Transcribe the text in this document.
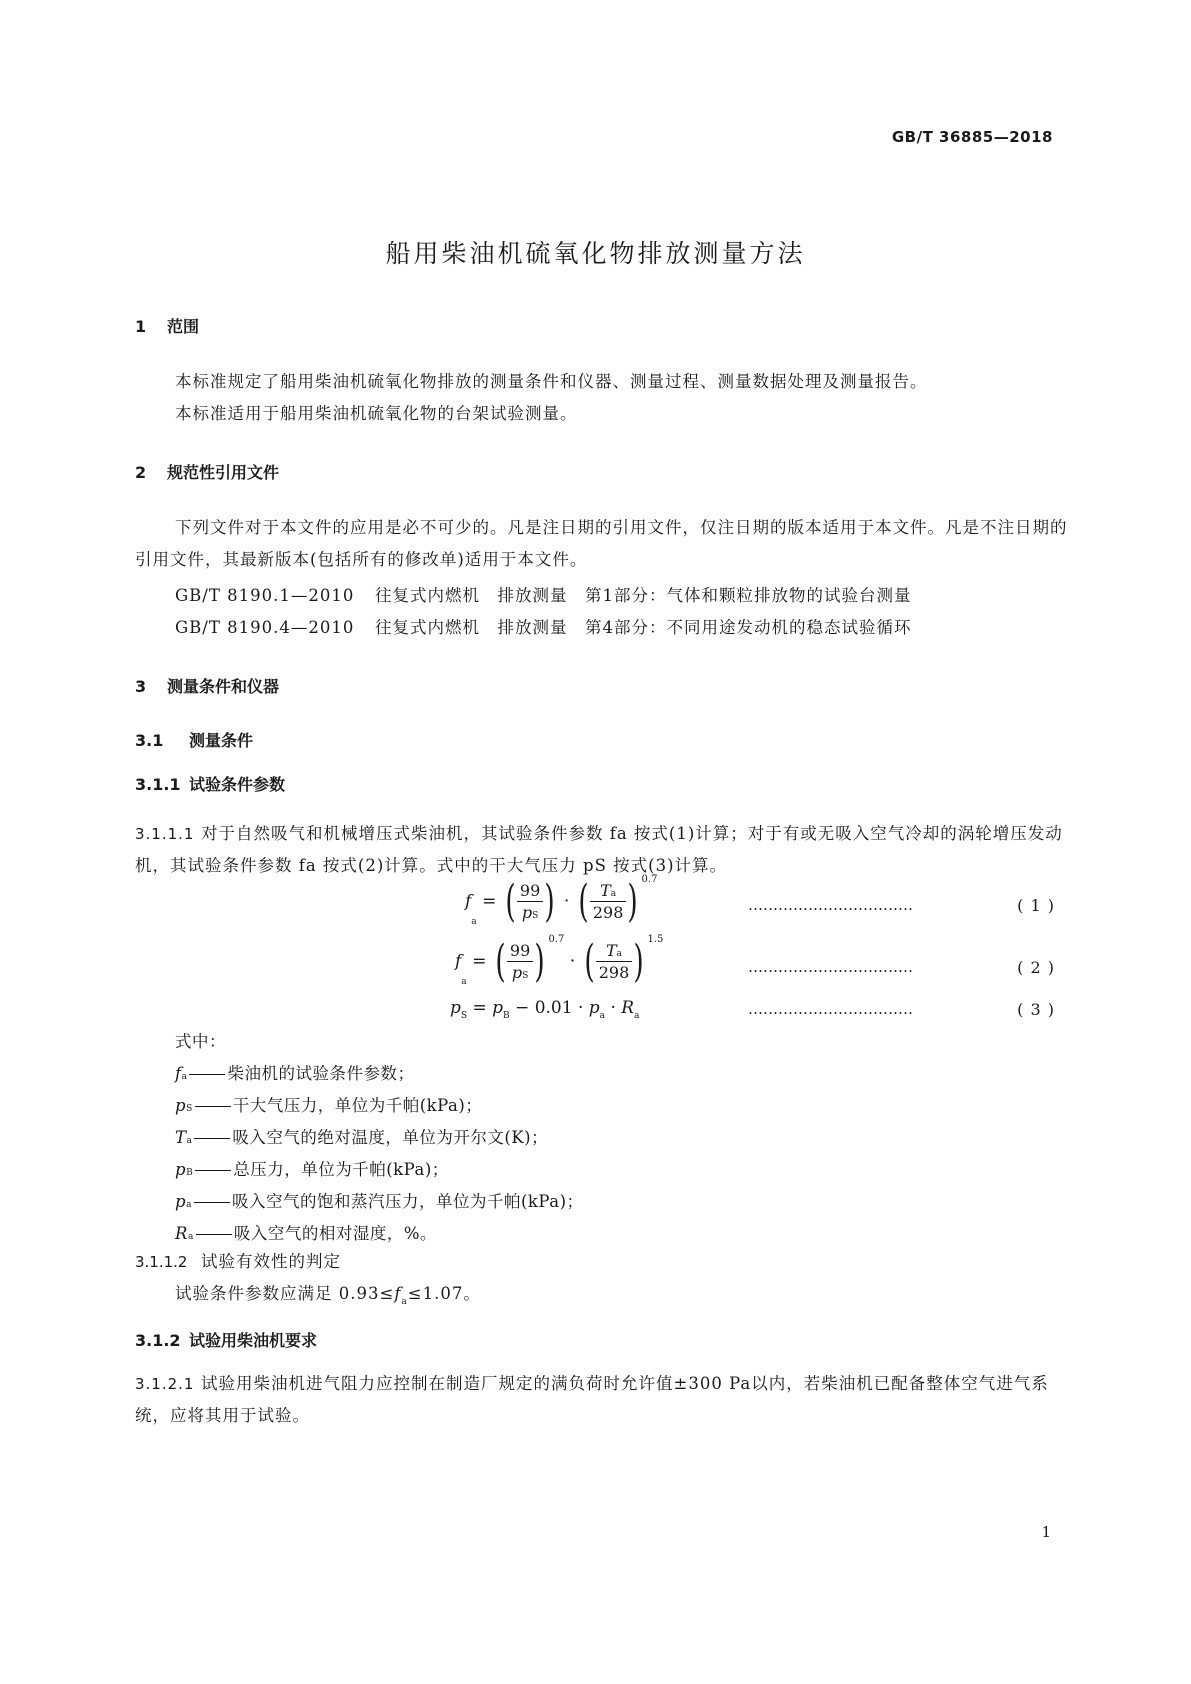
GB/T 36885—2018
船用柴油机硫氧化物排放测量方法
1 范围
本标准规定了船用柴油机硫氧化物排放的测量条件和仪器、测量过程、测量数据处理及测量报告。
本标准适用于船用柴油机硫氧化物的台架试验测量。
2 规范性引用文件
下列文件对于本文件的应用是必不可少的。凡是注日期的引用文件，仅注日期的版本适用于本文件。凡是不注日期的引用文件，其最新版本(包括所有的修改单)适用于本文件。
GB/T 8190.1—2010 往复式内燃机　排放测量　第1部分：气体和颗粒排放物的试验台测量
GB/T 8190.4—2010 往复式内燃机　排放测量　第4部分：不同用途发动机的稳态试验循环
3 测量条件和仪器
3.1 测量条件
3.1.1 试验条件参数
3.1.1.1 对于自然吸气和机械增压式柴油机，其试验条件参数 fa 按式(1)计算；对于有或无吸入空气冷却的涡轮增压发动机，其试验条件参数 fa 按式(2)计算。式中的干大气压力 pS 按式(3)计算。
fa = ( $\frac{99}{pS}$ ) · ( $\frac{Ta}{298}$ ) $^{0.7}$
……………………………	( 1 )
fa = ( $\frac{99}{pS}$ ) $^{0.7}$ · ( $\frac{Ta}{298}$ ) $^{1.5}$
……………………………	( 2 )
pS = pB − 0.01 · pa · Ra	……………………………	( 3 )
式中：
fa 柴油机的试验条件参数；
pS 干大气压力，单位为千帕(kPa)；
Ta 吸入空气的绝对温度，单位为开尔文(K)；
pB 总压力，单位为千帕(kPa)；
pa 吸入空气的饱和蒸汽压力，单位为千帕(kPa)；
Ra 吸入空气的相对湿度，%。
3.1.1.2 试验有效性的判定
试验条件参数应满足 0.93≤fa≤1.07。
3.1.2 试验用柴油机要求
3.1.2.1 试验用柴油机进气阻力应控制在制造厂规定的满负荷时允许值±300 Pa以内，若柴油机已配备整体空气进气系统，应将其用于试验。
1
